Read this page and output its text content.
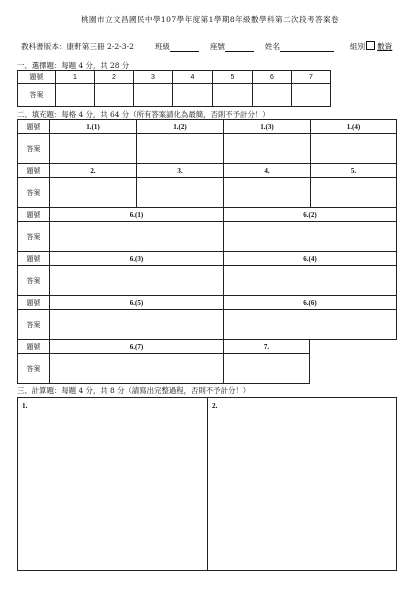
桃園市立文昌國民中學107學年度第1學期8年級數學科第二次段考答案卷
教科書版本：康軒第三冊 2-2-3-2	班級	座號	姓名	組別 數資
一、選擇題：每題 4 分，共 28 分
題號	1	2	3	4	5	6	7
答案							
二、填充題：每格 4 分，共 64 分（所有答案請化為最簡，否則不予計分！）
題號	1.(1)	1.(2)	1.(3)	1.(4)
答案				
題號	2.	3.	4.	5.
答案				
題號	6.(1)	6.(2)
答案		
題號	6.(3)	6.(4)
答案		
題號	6.(5)	6.(6)
答案		
題號	6.(7)	7.
答案		
三、計算題：每題 4 分，共 8 分（請寫出完整過程，否則不予計分！）
1.	2.
